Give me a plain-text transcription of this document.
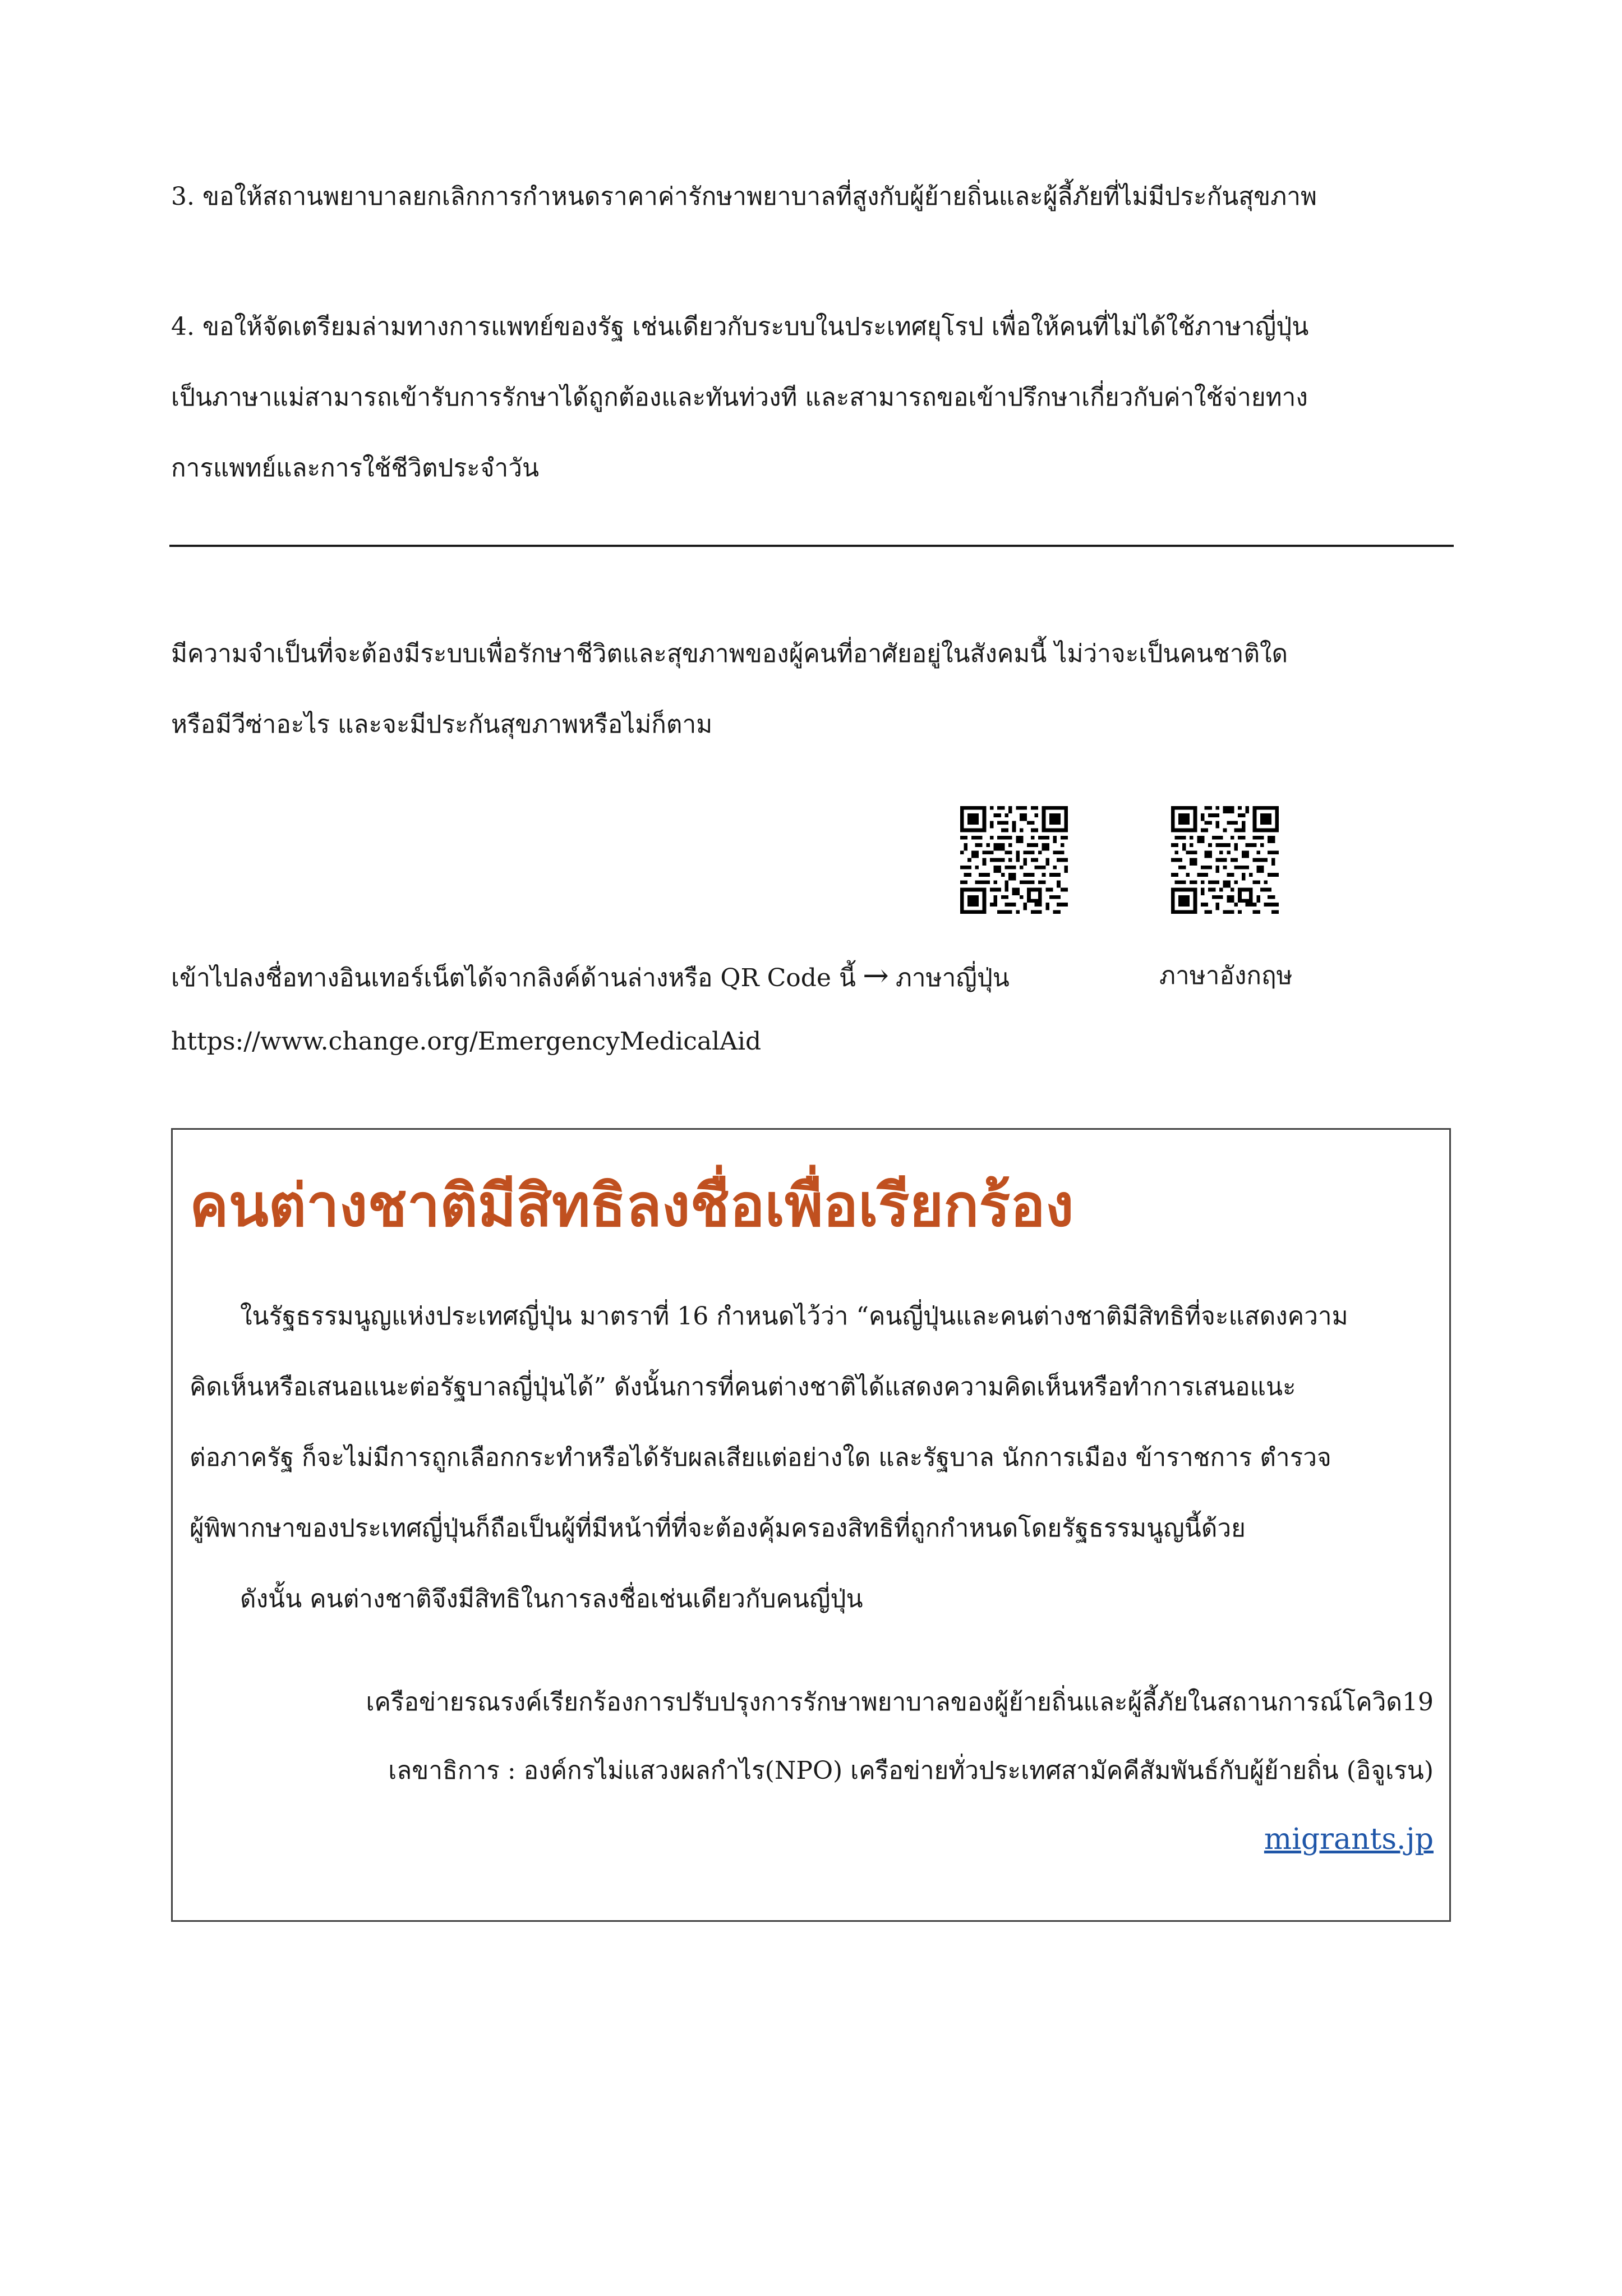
3. ขอให้สถานพยาบาลยกเลิกการกำหนดราคาค่ารักษาพยาบาลที่สูงกับผู้ย้ายถิ่นและผู้ลี้ภัยที่ไม่มีประกันสุขภาพ

4. ขอให้จัดเตรียมล่ามทางการแพทย์ของรัฐ เช่นเดียวกับระบบในประเทศยุโรป เพื่อให้คนที่ไม่ได้ใช้ภาษาญี่ปุ่น

เป็นภาษาแม่สามารถเข้ารับการรักษาได้ถูกต้องและทันท่วงที และสามารถขอเข้าปรึกษาเกี่ยวกับค่าใช้จ่ายทาง

การแพทย์และการใช้ชีวิตประจำวัน

มีความจำเป็นที่จะต้องมีระบบเพื่อรักษาชีวิตและสุขภาพของผู้คนที่อาศัยอยู่ในสังคมนี้ ไม่ว่าจะเป็นคนชาติใด

หรือมีวีซ่าอะไร และจะมีประกันสุขภาพหรือไม่ก็ตาม

เข้าไปลงชื่อทางอินเทอร์เน็ตได้จากลิงค์ด้านล่างหรือ QR Code นี้ → ภาษาญี่ปุ่น	ภาษาอังกฤษ
https://www.change.org/EmergencyMedicalAid
คนต่างชาติมีสิทธิลงชื่อเพื่อเรียกร้อง
ในรัฐธรรมนูญแห่งประเทศญี่ปุ่น มาตราที่ 16 กำหนดไว้ว่า “คนญี่ปุ่นและคนต่างชาติมีสิทธิที่จะแสดงความ
คิดเห็นหรือเสนอแนะต่อรัฐบาลญี่ปุ่นได้” ดังนั้นการที่คนต่างชาติได้แสดงความคิดเห็นหรือทำการเสนอแนะ
ต่อภาครัฐ ก็จะไม่มีการถูกเลือกกระทำหรือได้รับผลเสียแต่อย่างใด และรัฐบาล นักการเมือง ข้าราชการ ตำรวจ
ผู้พิพากษาของประเทศญี่ปุ่นก็ถือเป็นผู้ที่มีหน้าที่ที่จะต้องคุ้มครองสิทธิที่ถูกกำหนดโดยรัฐธรรมนูญนี้ด้วย
ดังนั้น คนต่างชาติจึงมีสิทธิในการลงชื่อเช่นเดียวกับคนญี่ปุ่น
เครือข่ายรณรงค์เรียกร้องการปรับปรุงการรักษาพยาบาลของผู้ย้ายถิ่นและผู้ลี้ภัยในสถานการณ์โควิด19
เลขาธิการ : องค์กรไม่แสวงผลกำไร(NPO) เครือข่ายทั่วประเทศสามัคคีสัมพันธ์กับผู้ย้ายถิ่น (อิจูเรน)
migrants.jp
